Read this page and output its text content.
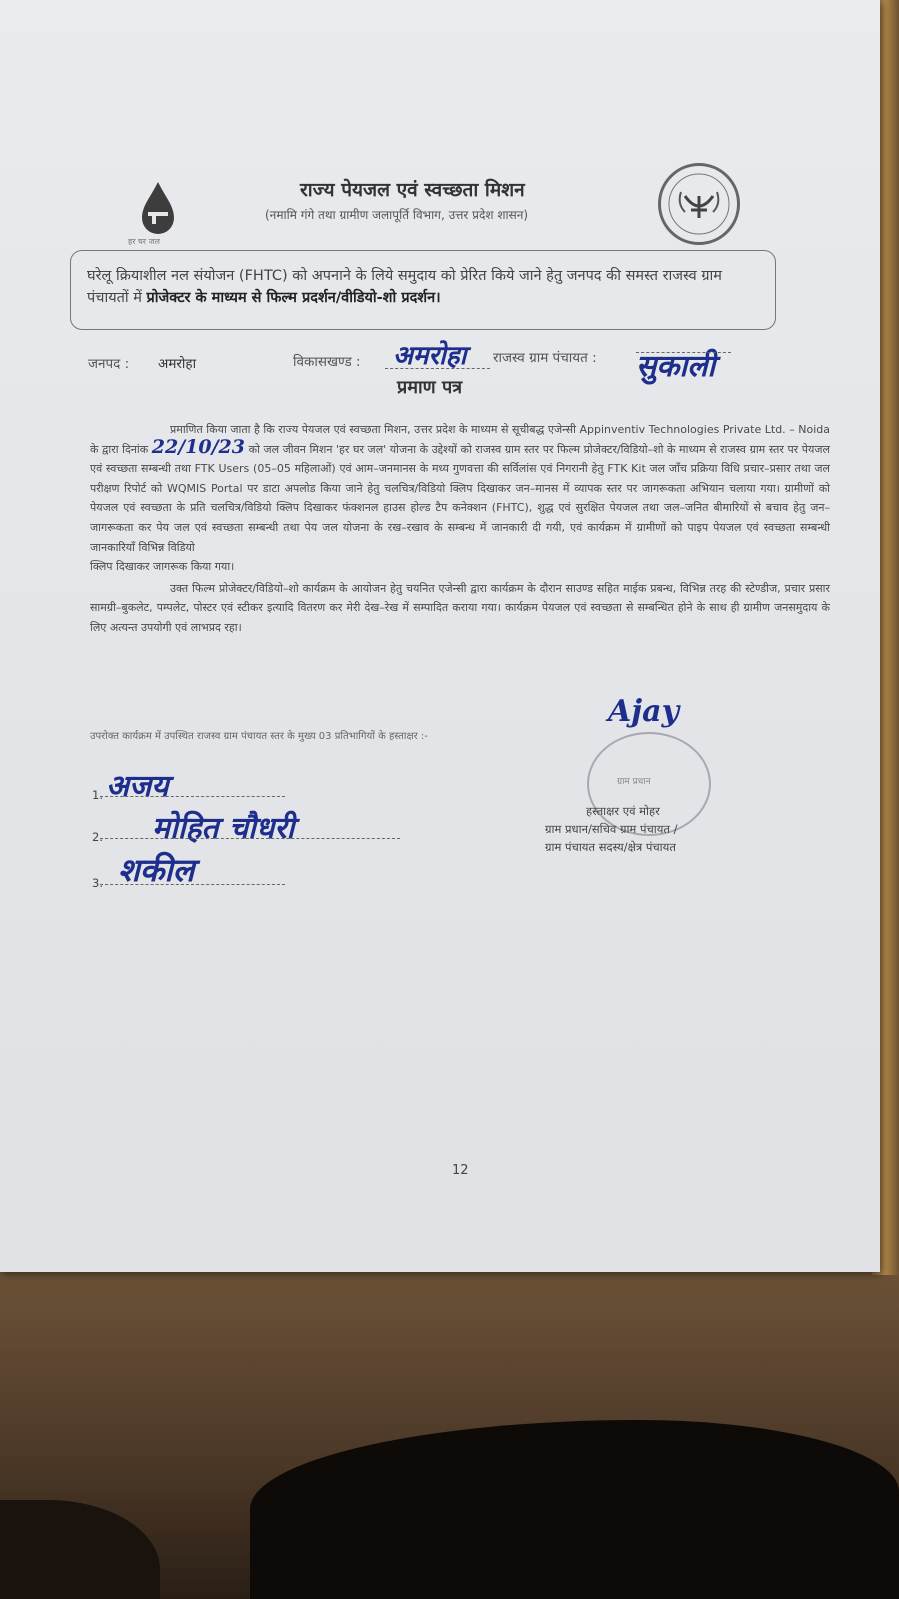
हर घर जल
राज्य पेयजल एवं स्वच्छता मिशन
(नमामि गंगे तथा ग्रामीण जलापूर्ति विभाग, उत्तर प्रदेश शासन)
घरेलू क्रियाशील नल संयोजन (FHTC) को अपनाने के लिये समुदाय को प्रेरित किये जाने हेतु जनपद की समस्त राजस्व ग्राम पंचायतों में प्रोजेक्टर के माध्यम से फिल्म प्रदर्शन/वीडियो-शो प्रदर्शन।
जनपद : अमरोहा	विकासखण्ड : अमरोहा राजस्व ग्राम पंचायत : सुकाली
प्रमाण पत्र

प्रमाणित किया जाता है कि राज्य पेयजल एवं स्वच्छता मिशन, उत्तर प्रदेश के माध्यम से सूचीबद्ध एजेन्सी Appinventiv Technologies Private Ltd. – Noida के द्वारा दिनांक 22/10/23 को जल जीवन मिशन 'हर घर जल' योजना के उद्देश्यों को राजस्व ग्राम स्तर पर फिल्म प्रोजेक्टर/विडियो–शो के माध्यम से राजस्व ग्राम स्तर पर पेयजल एवं स्वच्छता सम्बन्धी तथा FTK Users (05–05 महिलाओं) एवं आम–जनमानस के मध्य गुणवत्ता की सर्विलांस एवं निगरानी हेतु FTK Kit जल जाँच प्रक्रिया विधि प्रचार–प्रसार तथा जल परीक्षण रिपोर्ट को WQMIS Portal पर डाटा अपलोड किया जाने हेतु चलचित्र/विडियो क्लिप दिखाकर जन–मानस में व्यापक स्तर पर जागरूकता अभियान चलाया गया। ग्रामीणों को पेयजल एवं स्वच्छता के प्रति चलचित्र/विडियो क्लिप दिखाकर फंक्शनल हाउस होल्ड टैप कनेक्शन (FHTC), शुद्ध एवं सुरक्षित पेयजल तथा जल–जनित बीमारियों से बचाव हेतु जन–जागरूकता कर पेय जल एवं स्वच्छता सम्बन्धी तथा पेय जल योजना के रख–रखाव के सम्बन्ध में जानकारी दी गयी, एवं कार्यक्रम में ग्रामीणों को पाइप पेयजल एवं स्वच्छता सम्बन्धी जानकारियाँ विभिन्न विडियो

क्लिप दिखाकर जागरूक किया गया।

उक्त फिल्म प्रोजेक्टर/विडियो–शो कार्यक्रम के आयोजन हेतु चयनित एजेन्सी द्वारा कार्यक्रम के दौरान साउण्ड सहित माईक प्रबन्ध, विभिन्न तरह की स्टेण्डीज, प्रचार प्रसार सामग्री–बुकलेट, पम्पलेट, पोस्टर एवं स्टीकर इत्यादि वितरण कर मेरी देख–रेख में सम्पादित कराया गया। कार्यक्रम पेयजल एवं स्वच्छता से सम्बन्धित होने के साथ ही ग्रामीण जनसमुदाय के लिए अत्यन्त उपयोगी एवं लाभप्रद रहा।

उपरोक्त कार्यक्रम में उपस्थित राजस्व ग्राम पंचायत स्तर के मुख्य 03 प्रतिभागियों के हस्ताक्षर :-
1. अजय
2. मोहित चौधरी
3. शकील
Ajay
ग्राम प्रधान
हस्ताक्षर एवं मोहर
ग्राम प्रधान/सचिव ग्राम पंचायत /
ग्राम पंचायत सदस्य/क्षेत्र पंचायत
12
